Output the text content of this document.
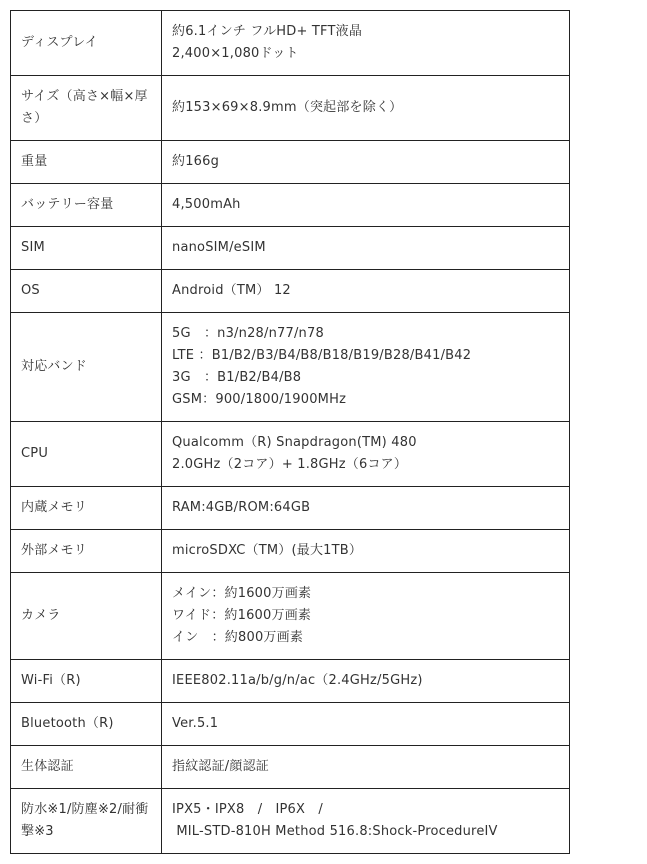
ディスプレイ	約6.1インチ フルHD+ TFT液晶
2,400×1,080ドット

サイズ（高さ×幅×厚さ）	約153×69×8.9mm（突起部を除く）

重量	約166g

バッテリー容量	4,500mAh

SIM	nanoSIM/eSIM

OS	Android（TM） 12

対応バンド	5G　：n3/n28/n77/n78
LTE ：B1/B2/B3/B4/B8/B18/B19/B28/B41/B42
3G　：B1/B2/B4/B8
GSM：900/1800/1900MHz

CPU	Qualcomm（R) Snapdragon(TM) 480
2.0GHz（2コア）+ 1.8GHz（6コア）

内蔵メモリ	RAM:4GB/ROM:64GB

外部メモリ	microSDXC（TM）(最大1TB）

カメラ	メイン：約1600万画素
ワイド：約1600万画素
イン　：約800万画素

Wi-Fi（R)	IEEE802.11a/b/g/n/ac（2.4GHz/5GHz)

Bluetooth（R)	Ver.5.1

生体認証	指紋認証/顔認証

防水※1/防塵※2/耐衝撃※3	IPX5・IPX8　/　IP6X　/
MIL-STD-810H Method 516.8:Shock-ProcedureIV
